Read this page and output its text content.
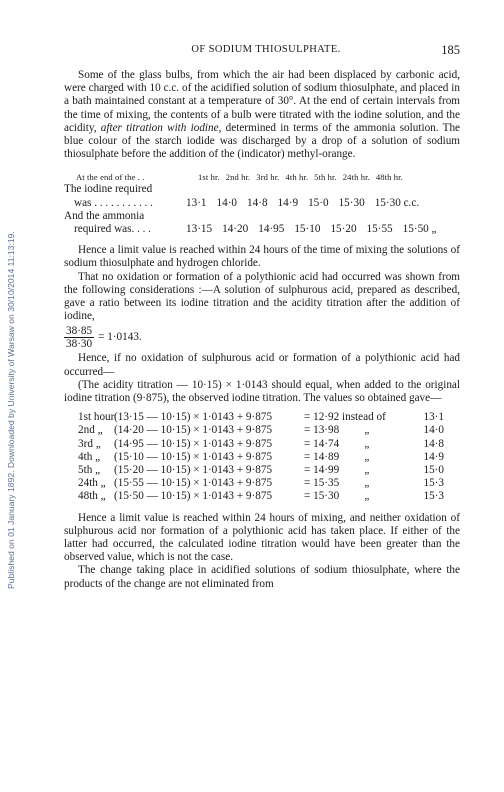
Published on 01 January 1892. Downloaded by University of Warsaw on 30/10/2014 11:13:19.
OF SODIUM THIOSULPHATE.	185

Some of the glass bulbs, from which the air had been displaced by carbonic acid, were charged with 10 c.c. of the acidified solution of sodium thiosulphate, and placed in a bath maintained constant at a temperature of 30°. At the end of certain intervals from the time of mixing, the contents of a bulb were titrated with the iodine solution, and the acidity, after titration with iodine, determined in terms of the ammonia solution. The blue colour of the starch iodide was discharged by a drop of a solution of sodium thiosulphate before the addition of the (indicator) methyl-orange.

At the end of the . .	1st hr. 2nd hr. 3rd hr. 4th hr. 5th hr. 24th hr. 48th hr.
The iodine required
was . . . . . . . . . . .	13·1 14·0 14·8 14·9 15·0 15·30 15·30 c.c.
And the ammonia
required was. . . .	13·15 14·20 14·95 15·10 15·20 15·55 15·50 „

Hence a limit value is reached within 24 hours of the time of mixing the solutions of sodium thiosulphate and hydrogen chloride.

That no oxidation or formation of a polythionic acid had occurred was shown from the following considerations :—A solution of sulphurous acid, prepared as described, gave a ratio between its iodine titration and the acidity titration after the addition of iodine,

$\frac{38\cdot 85}{38\cdot 30} = 1\cdot 0143$.

Hence, if no oxidation of sulphurous acid or formation of a polythionic acid had occurred—

(The acidity titration — 10·15) × 1·0143 should equal, when added to the original iodine titration (9·875), the observed iodine titration. The values so obtained gave—

1st hour (13·15 — 10·15) × 1·0143 + 9·875	= 12·92 instead of	13·1
2nd „	(14·20 — 10·15) × 1·0143 + 9·875	= 13·98         „	14·0
3rd „	(14·95 — 10·15) × 1·0143 + 9·875	= 14·74         „	14·8
4th „	(15·10 — 10·15) × 1·0143 + 9·875	= 14·89         „	14·9
5th „	(15·20 — 10·15) × 1·0143 + 9·875	= 14·99         „	15·0
24th „ (15·55 — 10·15) × 1·0143 + 9·875	= 15·35         „	15·3
48th „ (15·50 — 10·15) × 1·0143 + 9·875	= 15·30         „	15·3

Hence a limit value is reached within 24 hours of mixing, and neither oxidation of sulphurous acid nor formation of a polythionic acid has taken place. If either of the latter had occurred, the calculated iodine titration would have been greater than the observed value, which is not the case.

The change taking place in acidified solutions of sodium thiosulphate, where the products of the change are not eliminated from
